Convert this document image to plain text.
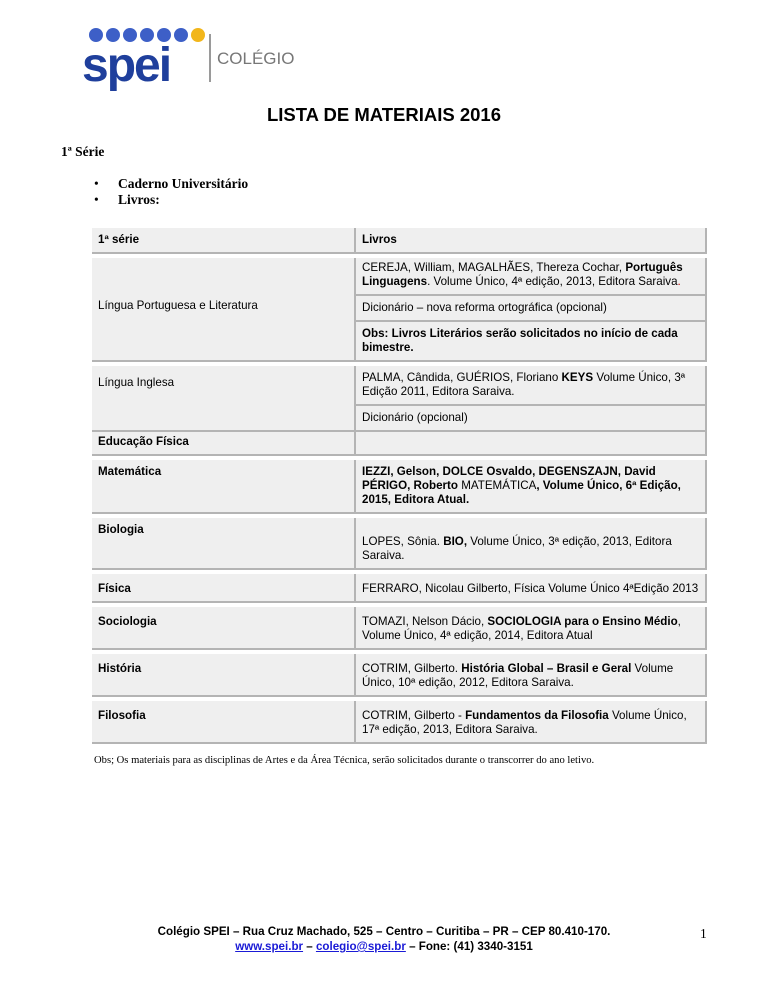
spei	COLÉGIO
LISTA DE MATERIAIS 2016
1ª Série
• Caderno Universitário
• Livros:
1ª série	Livros

Língua Portuguesa e Literatura	CEREJA, William, MAGALHÃES, Thereza Cochar, Português Linguagens. Volume Único, 4ª edição, 2013, Editora Saraiva.

	Dicionário – nova reforma ortográfica (opcional)

	Obs: Livros Literários serão solicitados no início de cada bimestre.

Língua Inglesa	PALMA, Cândida, GUÉRIOS, Floriano KEYS Volume Único, 3ª Edição 2011, Editora Saraiva.

	Dicionário (opcional)

Educação Física	

Matemática	IEZZI, Gelson, DOLCE Osvaldo, DEGENSZAJN, David PÉRIGO, Roberto MATEMÁTICA, Volume Único, 6ª Edição, 2015, Editora Atual.

Biologia	LOPES, Sônia. BIO, Volume Único, 3ª edição, 2013, Editora Saraiva.

Física	FERRARO, Nicolau Gilberto, Física Volume Único 4ªEdição 2013

Sociologia	TOMAZI, Nelson Dácio, SOCIOLOGIA para o Ensino Médio, Volume Único, 4ª edição, 2014, Editora Atual

História	COTRIM, Gilberto. História Global – Brasil e Geral Volume Único, 10ª edição, 2012, Editora Saraiva.

Filosofia	COTRIM, Gilberto - Fundamentos da Filosofia Volume Único, 17ª edição, 2013, Editora Saraiva.
Obs; Os materiais para as disciplinas de Artes e da Área Técnica, serão solicitados durante o transcorrer do ano letivo.
Colégio SPEI – Rua Cruz Machado, 525 – Centro – Curitiba – PR – CEP 80.410-170.
www.spei.br – colegio@spei.br – Fone: (41) 3340-3151
1
